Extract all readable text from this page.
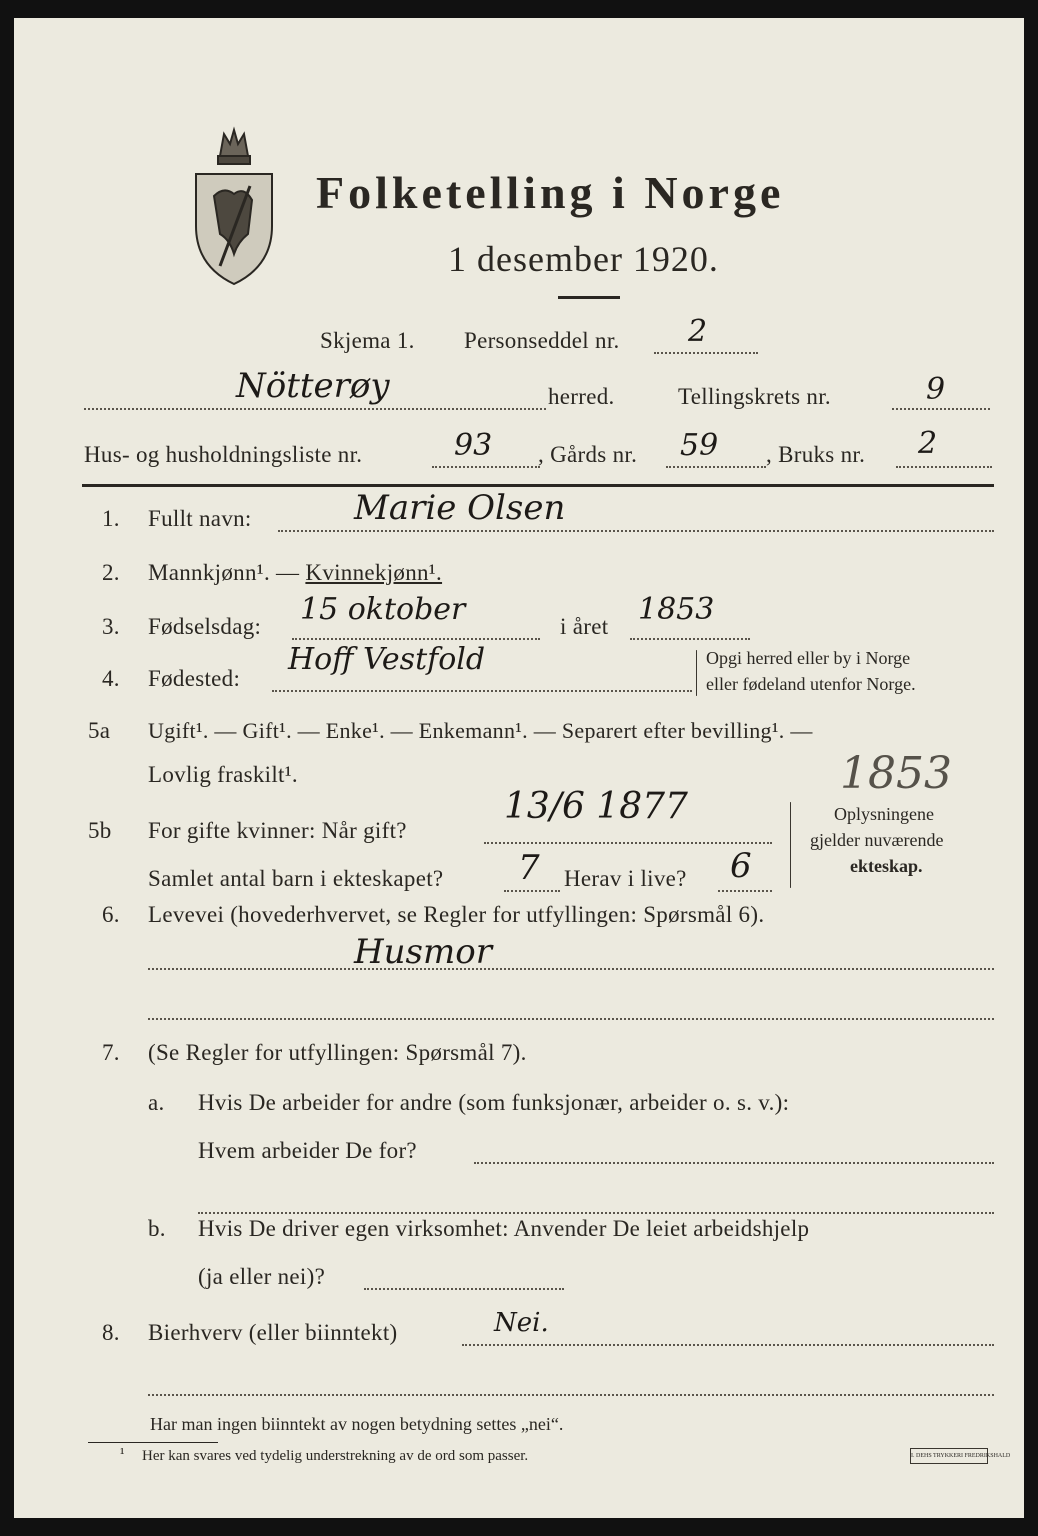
Folketelling i Norge
1 desember 1920.
Skjema 1. Personseddel nr. 2
Nötterøy	herred.	Tellingskrets nr.	9
Hus- og husholdningsliste nr.	93 , Gårds nr. 59 , Bruks nr. 2
1. Fullt navn:	Marie Olsen
2. Mannkjønn¹. — Kvinnekjønn¹.
3. Fødselsdag: 15 oktober	i året 1853
4. Fødested:
Hoff Vestfold	Opgi herred eller by i Norge
eller fødeland utenfor Norge.
5a Ugift¹. — Gift¹. — Enke¹. — Enkemann¹. — Separert efter bevilling¹. —
Lovlig fraskilt¹.	1853
5b For gifte kvinner: Når gift?
13/6 1877
Samlet antal barn i ekteskapet? 7 Herav i live? 6
Oplysningene
gjelder nuværende
ekteskap.
6. Levevei (hovederhvervet, se Regler for utfyllingen: Spørsmål 6).
Husmor
7. (Se Regler for utfyllingen: Spørsmål 7).
a. Hvis De arbeider for andre (som funksjonær, arbeider o. s. v.):
Hvem arbeider De for?
b. Hvis De driver egen virksomhet: Anvender De leiet arbeidshjelp
(ja eller nei)?
8. Bierhverv (eller biinntekt)	Nei.
Har man ingen biinntekt av nogen betydning settes „nei“.
¹ Her kan svares ved tydelig understrekning av de ord som passer.	I. DEHS TRYKKERI FREDRIKSHALD
